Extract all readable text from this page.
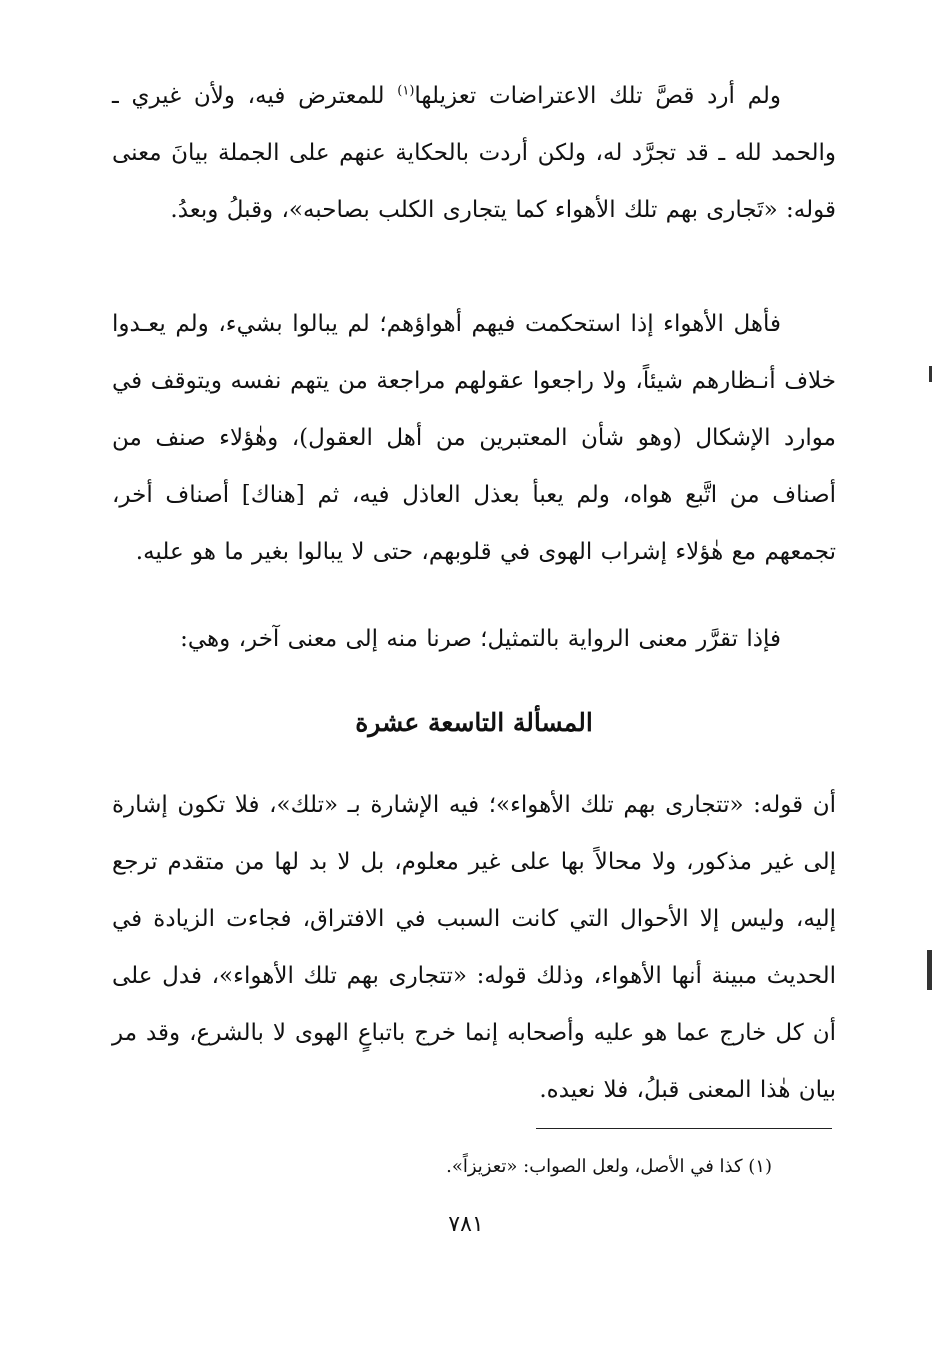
ولم أرد قصَّ تلك الاعتراضات تعزيلها$^{(١)}$ للمعترض فيه، ولأن غيري ـ والحمد لله ـ قد تجرَّد له، ولكن أردت بالحكاية عنهم على الجملة بيانَ معنى قوله: «تَجارى بهم تلك الأهواء كما يتجارى الكلب بصاحبه»، وقبلُ وبعدُ.

فأهل الأهواء إذا استحكمت فيهم أهواؤهم؛ لم يبالوا بشيء، ولم يعـدوا خلاف أنـظارهم شيئاً، ولا راجعوا عقولهم مراجعة من يتهم نفسه ويتوقف في موارد الإشكال (وهو شأن المعتبرين من أهل العقول)، وهٰؤلاء صنف من أصناف من اتَّبع هواه، ولم يعبأ بعذل العاذل فيه، ثم [هناك] أصناف أخر، تجمعهم مع هٰؤلاء إشراب الهوى في قلوبهم، حتى لا يبالوا بغير ما هو عليه.

فإذا تقرَّر معنى الرواية بالتمثيل؛ صرنا منه إلى معنى آخر، وهي:

المسألة التاسعة عشرة

أن قوله: «تتجارى بهم تلك الأهواء»؛ فيه الإشارة بـ «تلك»، فلا تكون إشارة إلى غير مذكور، ولا محالاً بها على غير معلوم، بل لا بد لها من متقدم ترجع إليه، وليس إلا الأحوال التي كانت السبب في الافتراق، فجاءت الزيادة في الحديث مبينة أنها الأهواء، وذلك قوله: «تتجارى بهم تلك الأهواء»، فدل على أن كل خارج عما هو عليه وأصحابه إنما خرج باتباعٍ الهوى لا بالشرع، وقد مر بيان هٰذا المعنى قبلُ، فلا نعيده.

(١) كذا في الأصل، ولعل الصواب: «تعزيزاً».

٧٨١
